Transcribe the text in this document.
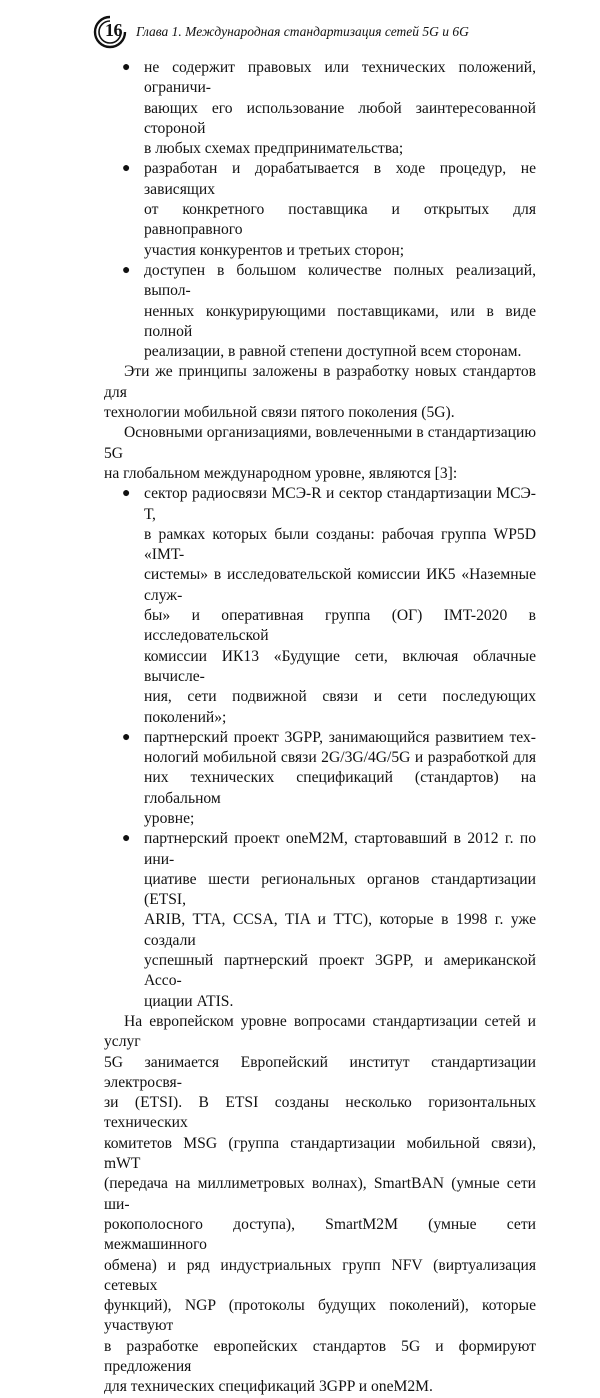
16 Глава 1. Международная стандартизация сетей 5G и 6G
● не содержит правовых или технических положений, ограничи-
вающих его использование любой заинтересованной стороной
в любых схемах предпринимательства;
● разработан и дорабатывается в ходе процедур, не зависящих
от конкретного поставщика и открытых для равноправного
участия конкурентов и третьих сторон;
● доступен в большом количестве полных реализаций, выпол-
ненных конкурирующими поставщиками, или в виде полной
реализации, в равной степени доступной всем сторонам.
Эти же принципы заложены в разработку новых стандартов для
технологии мобильной связи пятого поколения (5G).
Основными организациями, вовлеченными в стандартизацию 5G
на глобальном международном уровне, являются [3]:
● сектор радиосвязи МСЭ-R и сектор стандартизации МСЭ-Т,
в рамках которых были созданы: рабочая группа WP5D «IMT-
системы» в исследовательской комиссии ИК5 «Наземные служ-
бы» и оперативная группа (ОГ) IMT-2020 в исследовательской
комиссии ИК13 «Будущие сети, включая облачные вычисле-
ния, сети подвижной связи и сети последующих поколений»;
● партнерский проект 3GPP, занимающийся развитием тех-
нологий мобильной связи 2G/3G/4G/5G и разработкой для
них технических спецификаций (стандартов) на глобальном
уровне;
● партнерский проект oneM2M, стартовавший в 2012 г. по ини-
циативе шести региональных органов стандартизации (ETSI,
ARIB, TTA, CCSA, TIA и TTC), которые в 1998 г. уже создали
успешный партнерский проект 3GPP, и американской Ассо-
циации ATIS.
На европейском уровне вопросами стандартизации сетей и услуг
5G занимается Европейский институт стандартизации электросвя-
зи (ETSI). В ETSI созданы несколько горизонтальных технических
комитетов MSG (группа стандартизации мобильной связи), mWT
(передача на миллиметровых волнах), SmartBAN (умные сети ши-
рокополосного доступа), SmartM2M (умные сети межмашинного
обмена) и ряд индустриальных групп NFV (виртуализация сетевых
функций), NGP (протоколы будущих поколений), которые участвуют
в разработке европейских стандартов 5G и формируют предложения
для технических спецификаций 3GPP и oneM2M.
